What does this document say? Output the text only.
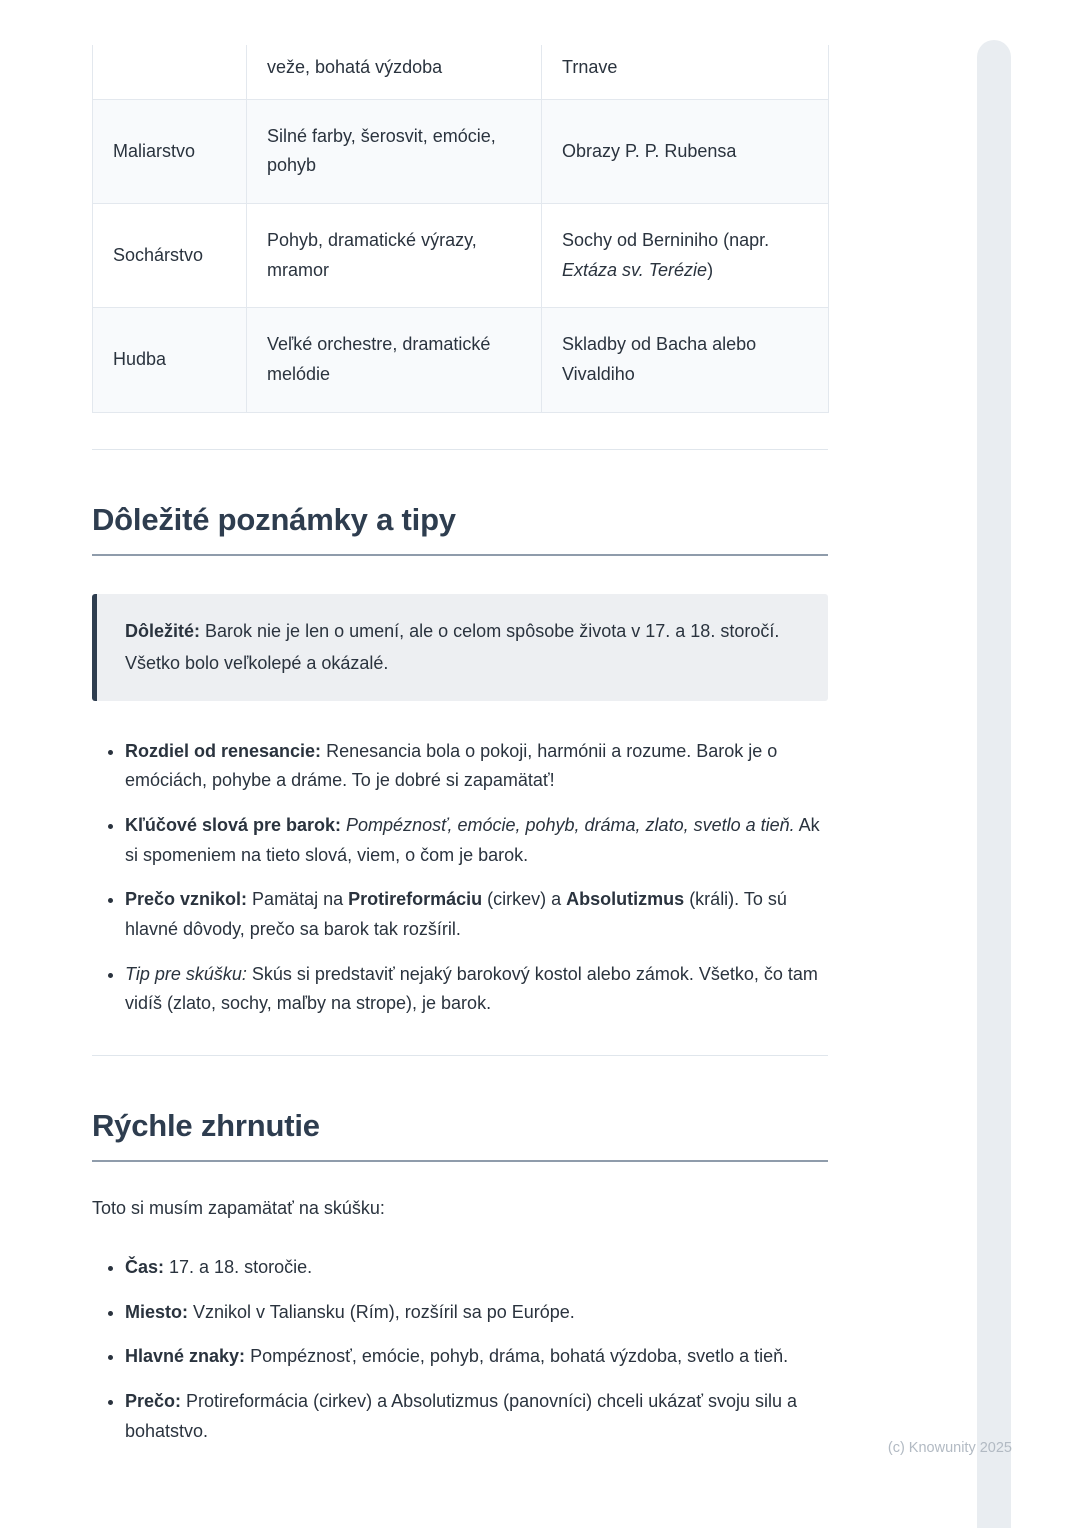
	veže, bohatá výzdoba	Trnave
Maliarstvo	Silné farby, šerosvit, emócie, pohyb	Obrazy P. P. Rubensa
Sochárstvo	Pohyb, dramatické výrazy, mramor	Sochy od Berniniho (napr. Extáza sv. Terézie)
Hudba	Veľké orchestre, dramatické melódie	Skladby od Bacha alebo Vivaldiho
Dôležité poznámky a tipy

Dôležité: Barok nie je len o umení, ale o celom spôsobe života v 17. a 18. storočí. Všetko bolo veľkolepé a okázalé.

• Rozdiel od renesancie: Renesancia bola o pokoji, harmónii a rozume. Barok je o emóciách, pohybe a dráme. To je dobré si zapamätať!
• Kľúčové slová pre barok: Pompéznosť, emócie, pohyb, dráma, zlato, svetlo a tieň. Ak si spomeniem na tieto slová, viem, o čom je barok.
• Prečo vznikol: Pamätaj na Protireformáciu (cirkev) a Absolutizmus (králi). To sú hlavné dôvody, prečo sa barok tak rozšíril.
• Tip pre skúšku: Skús si predstaviť nejaký barokový kostol alebo zámok. Všetko, čo tam vidíš (zlato, sochy, maľby na strope), je barok.
Rýchle zhrnutie

Toto si musím zapamätať na skúšku:

• Čas: 17. a 18. storočie.
• Miesto: Vznikol v Taliansku (Rím), rozšíril sa po Európe.
• Hlavné znaky: Pompéznosť, emócie, pohyb, dráma, bohatá výzdoba, svetlo a tieň.
• Prečo: Protireformácia (cirkev) a Absolutizmus (panovníci) chceli ukázať svoju silu a bohatstvo.
(c) Knowunity 2025
